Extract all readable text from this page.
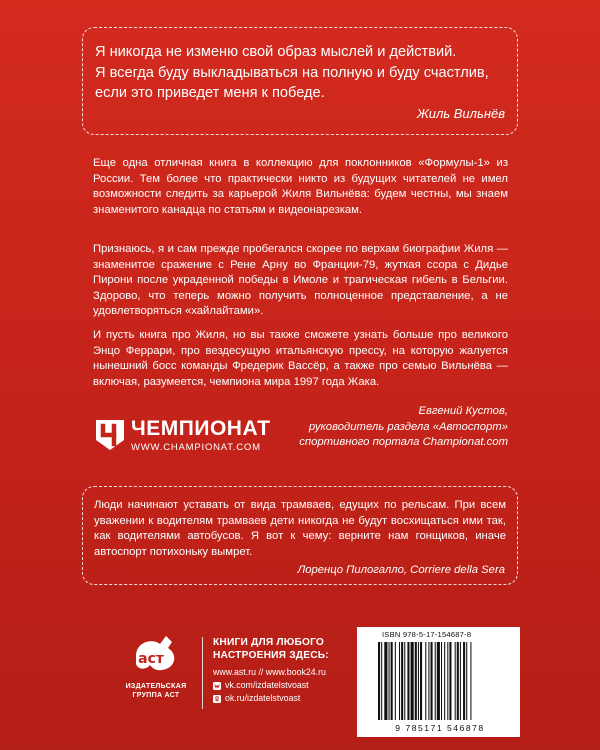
Я никогда не изменю свой образ мыслей и действий.
Я всегда буду выкладываться на полную и буду счастлив,
если это приведет меня к победе.
Жиль Вильнёв

Еще одна отличная книга в коллекцию для поклонников «Формулы-1» из России. Тем более что практически никто из будущих читателей не имел возможности следить за карьерой Жиля Вильнёва: будем честны, мы знаем знаменитого канадца по статьям и видеонарезкам.

Признаюсь, я и сам прежде пробегался скорее по верхам биографии Жиля — знаменитое сражение с Рене Арну во Франции-79, жуткая ссора с Дидье Пирони после украденной победы в Имоле и трагическая гибель в Бельгии. Здорово, что теперь можно получить полноценное представление, а не удовлетворяться «хайлайтами».

И пусть книга про Жиля, но вы также сможете узнать больше про великого Энцо Феррари, про вездесущую итальянскую прессу, на которую жалуется нынешний босс команды Фредерик Вассёр, а также про семью Вильнёва — включая, разумеется, чемпиона мира 1997 года Жака.

Евгений Кустов,
руководитель раздела «Автоспорт»
спортивного портала Championat.com
ЧЕМПИОНАТ
WWW.CHAMPIONAT.COM
Люди начинают уставать от вида трамваев, едущих по рельсам. При всем уважении к водителям трамваев дети никогда не будут восхищаться ими так, как водителями автобусов. Я вот к чему: верните нам гонщиков, иначе автоспорт потихоньку вымрет.
Лоренцо Пилогалло, Corriere della Sera
аст
ИЗДАТЕЛЬСКАЯ
ГРУППА АСТ
КНИГИ ДЛЯ ЛЮБОГО
НАСТРОЕНИЯ ЗДЕСЬ:
www.ast.ru // www.book24.ru
vk.com/izdatelstvoast
ok.ru/izdatelstvoast
ISBN 978-5-17-154687-8
9 785171 546878
